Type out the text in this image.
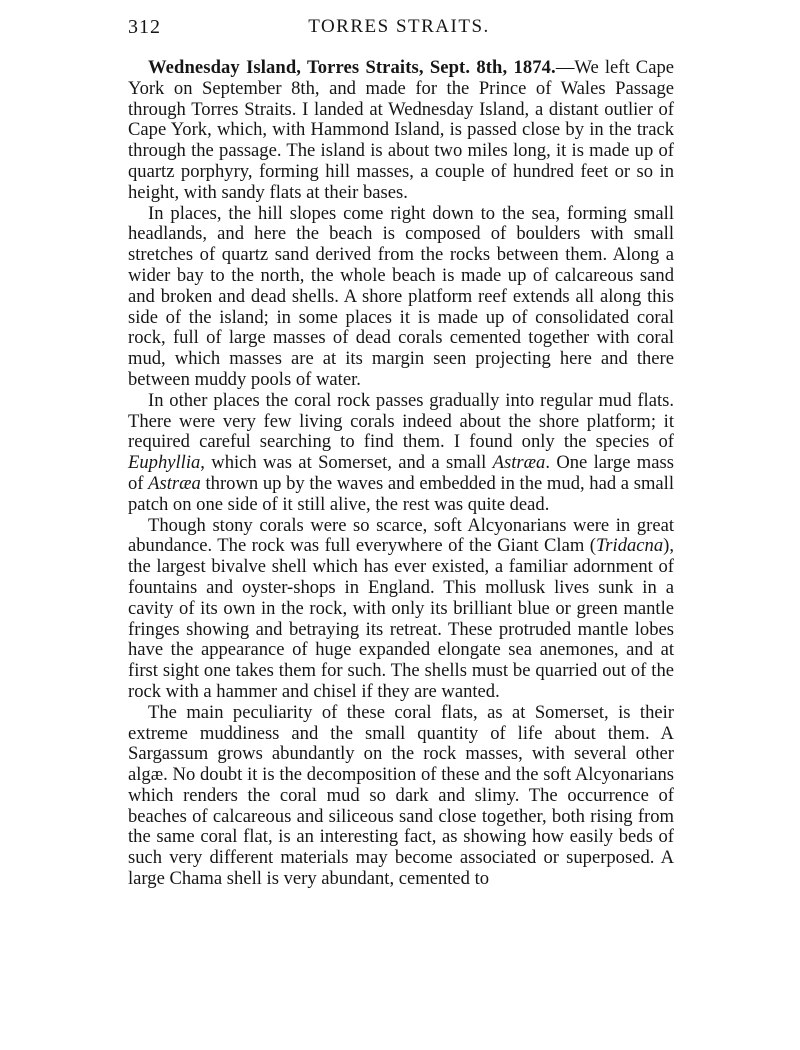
312	TORRES STRAITS.

Wednesday Island, Torres Straits, Sept. 8th, 1874.—We left Cape York on September 8th, and made for the Prince of Wales Passage through Torres Straits. I landed at Wednesday Island, a distant outlier of Cape York, which, with Hammond Island, is passed close by in the track through the passage. The island is about two miles long, it is made up of quartz porphyry, forming hill masses, a couple of hundred feet or so in height, with sandy flats at their bases.

In places, the hill slopes come right down to the sea, forming small headlands, and here the beach is composed of boulders with small stretches of quartz sand derived from the rocks between them. Along a wider bay to the north, the whole beach is made up of calcareous sand and broken and dead shells. A shore platform reef extends all along this side of the island; in some places it is made up of consolidated coral rock, full of large masses of dead corals cemented together with coral mud, which masses are at its margin seen projecting here and there between muddy pools of water.

In other places the coral rock passes gradually into regular mud flats. There were very few living corals indeed about the shore platform; it required careful searching to find them. I found only the species of Euphyllia, which was at Somerset, and a small Astræa. One large mass of Astræa thrown up by the waves and embedded in the mud, had a small patch on one side of it still alive, the rest was quite dead.

Though stony corals were so scarce, soft Alcyonarians were in great abundance. The rock was full everywhere of the Giant Clam (Tridacna), the largest bivalve shell which has ever existed, a familiar adornment of fountains and oyster-shops in England. This mollusk lives sunk in a cavity of its own in the rock, with only its brilliant blue or green mantle fringes showing and betraying its retreat. These protruded mantle lobes have the appearance of huge expanded elongate sea anemones, and at first sight one takes them for such. The shells must be quarried out of the rock with a hammer and chisel if they are wanted.

The main peculiarity of these coral flats, as at Somerset, is their extreme muddiness and the small quantity of life about them. A Sargassum grows abundantly on the rock masses, with several other algæ. No doubt it is the decomposition of these and the soft Alcyonarians which renders the coral mud so dark and slimy. The occurrence of beaches of calcareous and siliceous sand close together, both rising from the same coral flat, is an interesting fact, as showing how easily beds of such very different materials may become associated or superposed. A large Chama shell is very abundant, cemented to
